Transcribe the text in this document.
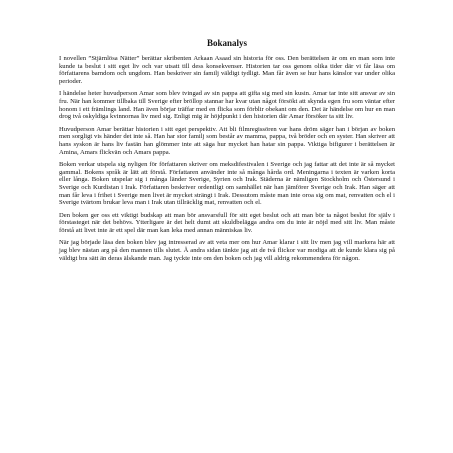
Bokanalys

I novellen ”Stjärnlösa Nätter” berättar skribenten Arkaan Asaad sin historia för oss. Den berättelsen är om en man som inte kunde ta beslut i sitt eget liv och var utsatt till dess konsekvenser. Historien tar oss genom olika tider där vi får läsa om författarens barndom och ungdom. Han beskriver sin familj väldigt tydligt. Man får även se hur hans känslor var under olika perioder.

I händelse heter huvudperson Amar som blev tvingad av sin pappa att gifta sig med sin kusin. Amar tar inte sitt ansvar av sin fru. När han kommer tillbaka till Sverige efter bröllop stannar har kvar utan något försökt att skynda egen fru som väntar efter honom i ett främlings land. Han även börjar träffar med en flicka som förblir obekant om den. Det är händelse om hur en man drog två oskyldiga kvinnornas liv med sig. Enligt mig är höjdpunkt i den historien där Amar försöker ta sitt liv.

Huvudperson Amar berättar historien i sitt eget perspektiv. Att bli filmregissören var hans dröm säger han i början av boken men sorgligt vis händer det inte så. Han har stor familj som består av mamma, pappa, två bröder och en syster. Han skriver att hans syskon är hans liv fastän han glömmer inte att säga hur mycket han hatar sin pappa. Viktiga bifigurer i berättelsen är Amina, Amars flickvän och Amars pappa.

Boken verkar utspela sig nyligen för författaren skriver om meksdifestivalen i Sverige och jag fattar att det inte är så mycket gammal. Bokens språk är lätt att förstå. Författaren använder inte så många hårda ord. Meningarna i texten är varken korta eller långa. Boken utspelar sig i många länder Sverige, Syrien och Irak. Städerna är nämligen Stockholm och Östersund i Sverige och Kurdistan i Irak. Författaren beskriver ordentligt om samhället när han jämförer Sverige och Irak. Han säger att man får leva i frihet i Sverige men livet är mycket strängt i Irak. Dessutom måste man inte oroa sig om mat, renvatten och el i Sverige tvärtom brukar leva man i Irak utan tillräcklig mat, renvatten och el.

Den boken ger oss ett viktigt budskap att man bör ansvarsfull för sitt eget beslut och att man bör ta något beslut för själv i förstasteget när det behövs. Ytterligare är det helt dumt att skuldbelägga andra om du inte är nöjd med sitt liv. Man måste förstå att livet inte är ett spel där man kan leka med annan människas liv.

När jag började läsa den boken blev jag intresserad av att veta mer om hur Amar klarar i sitt liv men jag vill markera här att jag blev nästan arg på den mannen tills slutet. Å andra sidan tänkte jag att de två flickor var modiga att de kunde klara sig på väldigt bra sätt än deras älskande man. Jag tyckte inte om den boken och jag vill aldrig rekommendera för någon.
